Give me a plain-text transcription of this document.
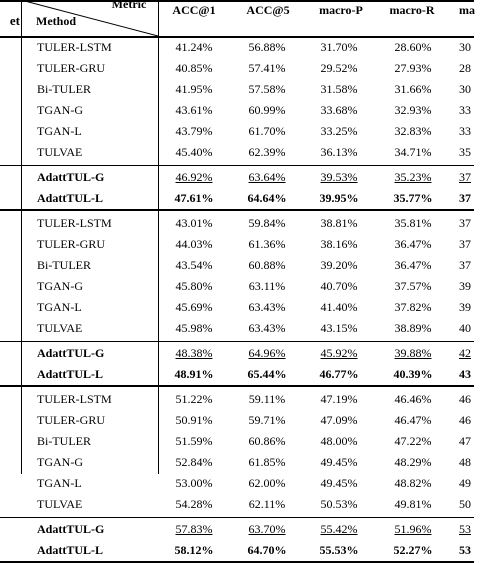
Metric
Method
et
ACC@1	ACC@5	macro-P	macro-R	ma
TULER-LSTM	41.24%	56.88%	31.70%	28.60%	30
TULER-GRU	40.85%	57.41%	29.52%	27.93%	28
Bi-TULER	41.95%	57.58%	31.58%	31.66%	30
TGAN-G	43.61%	60.99%	33.68%	32.93%	33
TGAN-L	43.79%	61.70%	33.25%	32.83%	33
TULVAE	45.40%	62.39%	36.13%	34.71%	35
AdattTUL-G	46.92%	63.64%	39.53%	35.23%	37
AdattTUL-L	47.61%	64.64%	39.95%	35.77%	37
TULER-LSTM	43.01%	59.84%	38.81%	35.81%	37
TULER-GRU	44.03%	61.36%	38.16%	36.47%	37
Bi-TULER	43.54%	60.88%	39.20%	36.47%	37
TGAN-G	45.80%	63.11%	40.70%	37.57%	39
TGAN-L	45.69%	63.43%	41.40%	37.82%	39
TULVAE	45.98%	63.43%	43.15%	38.89%	40
AdattTUL-G	48.38%	64.96%	45.92%	39.88%	42
AdattTUL-L	48.91%	65.44%	46.77%	40.39%	43
TULER-LSTM	51.22%	59.11%	47.19%	46.46%	46
TULER-GRU	50.91%	59.71%	47.09%	46.47%	46
Bi-TULER	51.59%	60.86%	48.00%	47.22%	47
TGAN-G	52.84%	61.85%	49.45%	48.29%	48
TGAN-L	53.00%	62.00%	49.45%	48.82%	49
TULVAE	54.28%	62.11%	50.53%	49.81%	50
AdattTUL-G	57.83%	63.70%	55.42%	51.96%	53
AdattTUL-L	58.12%	64.70%	55.53%	52.27%	53
